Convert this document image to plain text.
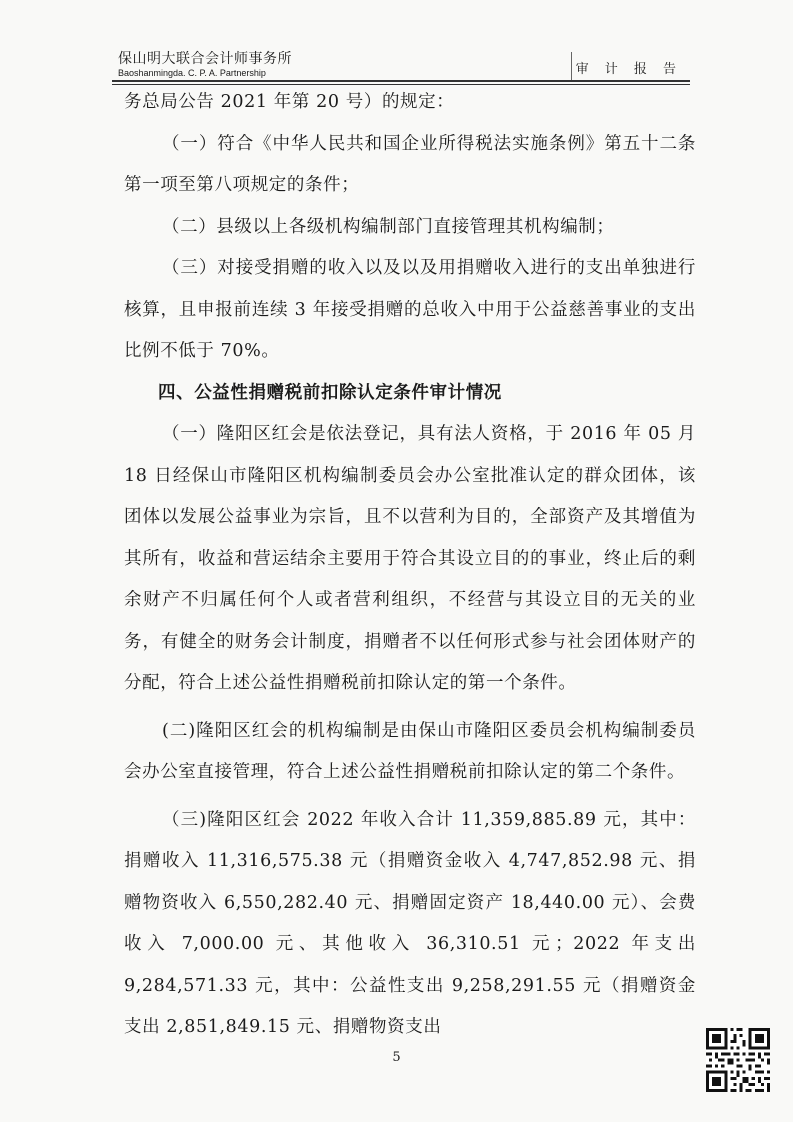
保山明大联合会计师事务所
Baoshanmingda. C. P. A. Partnership	审 计 报 告

务总局公告 2021 年第 20 号）的规定：

（一）符合《中华人民共和国企业所得税法实施条例》第五十二条第一项至第八项规定的条件；

（二）县级以上各级机构编制部门直接管理其机构编制；

（三）对接受捐赠的收入以及以及用捐赠收入进行的支出单独进行核算，且申报前连续 3 年接受捐赠的总收入中用于公益慈善事业的支出比例不低于 70%。

四、公益性捐赠税前扣除认定条件审计情况

（一）隆阳区红会是依法登记，具有法人资格，于 2016 年 05 月 18 日经保山市隆阳区机构编制委员会办公室批准认定的群众团体，该团体以发展公益事业为宗旨，且不以营利为目的，全部资产及其增值为其所有，收益和营运结余主要用于符合其设立目的的事业，终止后的剩余财产不归属任何个人或者营利组织，不经营与其设立目的无关的业务，有健全的财务会计制度，捐赠者不以任何形式参与社会团体财产的分配，符合上述公益性捐赠税前扣除认定的第一个条件。

(二)隆阳区红会的机构编制是由保山市隆阳区委员会机构编制委员会办公室直接管理，符合上述公益性捐赠税前扣除认定的第二个条件。

（三)隆阳区红会 2022 年收入合计 11,359,885.89 元，其中：捐赠收入 11,316,575.38 元（捐赠资金收入 4,747,852.98 元、捐赠物资收入 6,550,282.40 元、捐赠固定资产 18,440.00 元）、会费收入 7,000.00 元、其他收入 36,310.51 元；2022 年支出 9,284,571.33 元，其中：公益性支出 9,258,291.55 元（捐赠资金支出 2,851,849.15 元、捐赠物资支出

5
